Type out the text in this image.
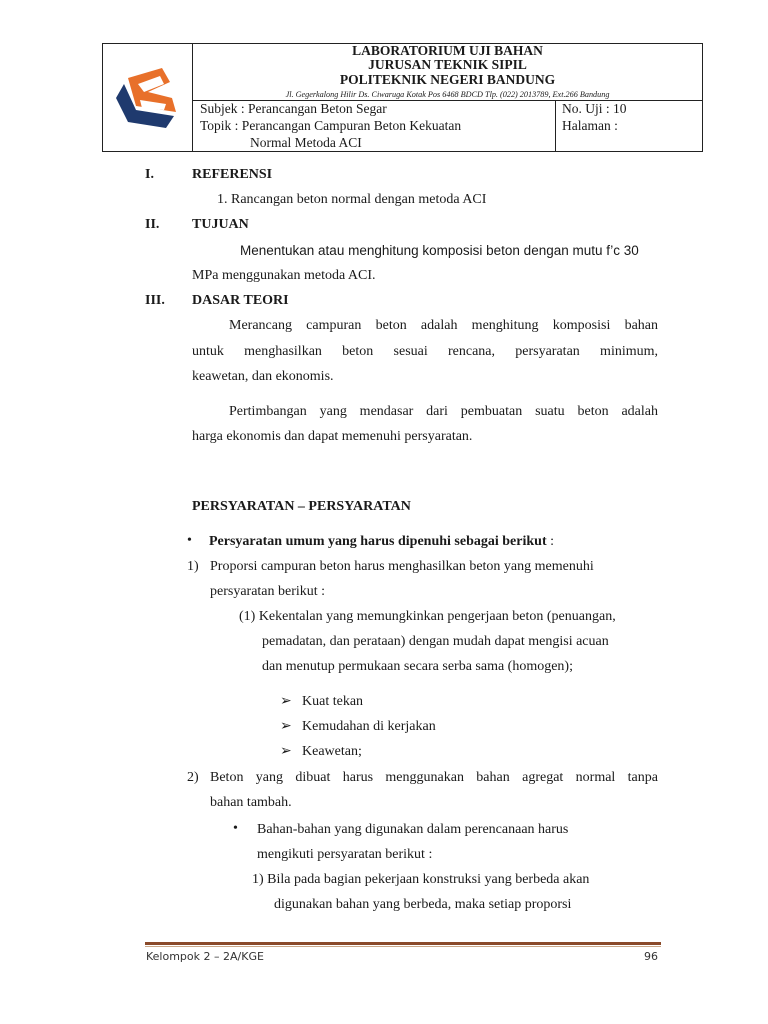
LABORATORIUM UJI BAHAN
JURUSAN TEKNIK SIPIL
POLITEKNIK NEGERI BANDUNG
Jl. Gegerkalong Hilir Ds. Ciwaruga Kotak Pos 6468 BDCD Tlp. (022) 2013789, Ext.266 Bandung
Subjek : Perancangan Beton Segar
Topik : Perancangan Campuran Beton Kekuatan
Normal Metoda ACI
No. Uji : 10
Halaman :
I.	REFERENSI
1. Rancangan beton normal dengan metoda ACI
II. TUJUAN
Menentukan atau menghitung komposisi beton dengan mutu f’c 30
MPa menggunakan metoda ACI.
III. DASAR TEORI
Merancang campuran beton adalah menghitung komposisi bahan
untuk menghasilkan beton sesuai rencana, persyaratan minimum,
keawetan, dan ekonomis.
Pertimbangan yang mendasar dari pembuatan suatu beton adalah
harga ekonomis dan dapat memenuhi persyaratan.
PERSYARATAN – PERSYARATAN
• Persyaratan umum yang harus dipenuhi sebagai berikut :
1) Proporsi campuran beton harus menghasilkan beton yang memenuhi
persyaratan berikut :
(1) Kekentalan yang memungkinkan pengerjaan beton (penuangan,
pemadatan, dan perataan) dengan mudah dapat mengisi acuan
dan menutup permukaan secara serba sama (homogen);
➢ Kuat tekan
➢ Kemudahan di kerjakan
➢ Keawetan;
2) Beton yang dibuat harus menggunakan bahan agregat normal tanpa
bahan tambah.
• Bahan-bahan yang digunakan dalam perencanaan harus
mengikuti persyaratan berikut :
1) Bila pada bagian pekerjaan konstruksi yang berbeda akan
digunakan bahan yang berbeda, maka setiap proporsi
Kelompok 2 – 2A/KGE	96
